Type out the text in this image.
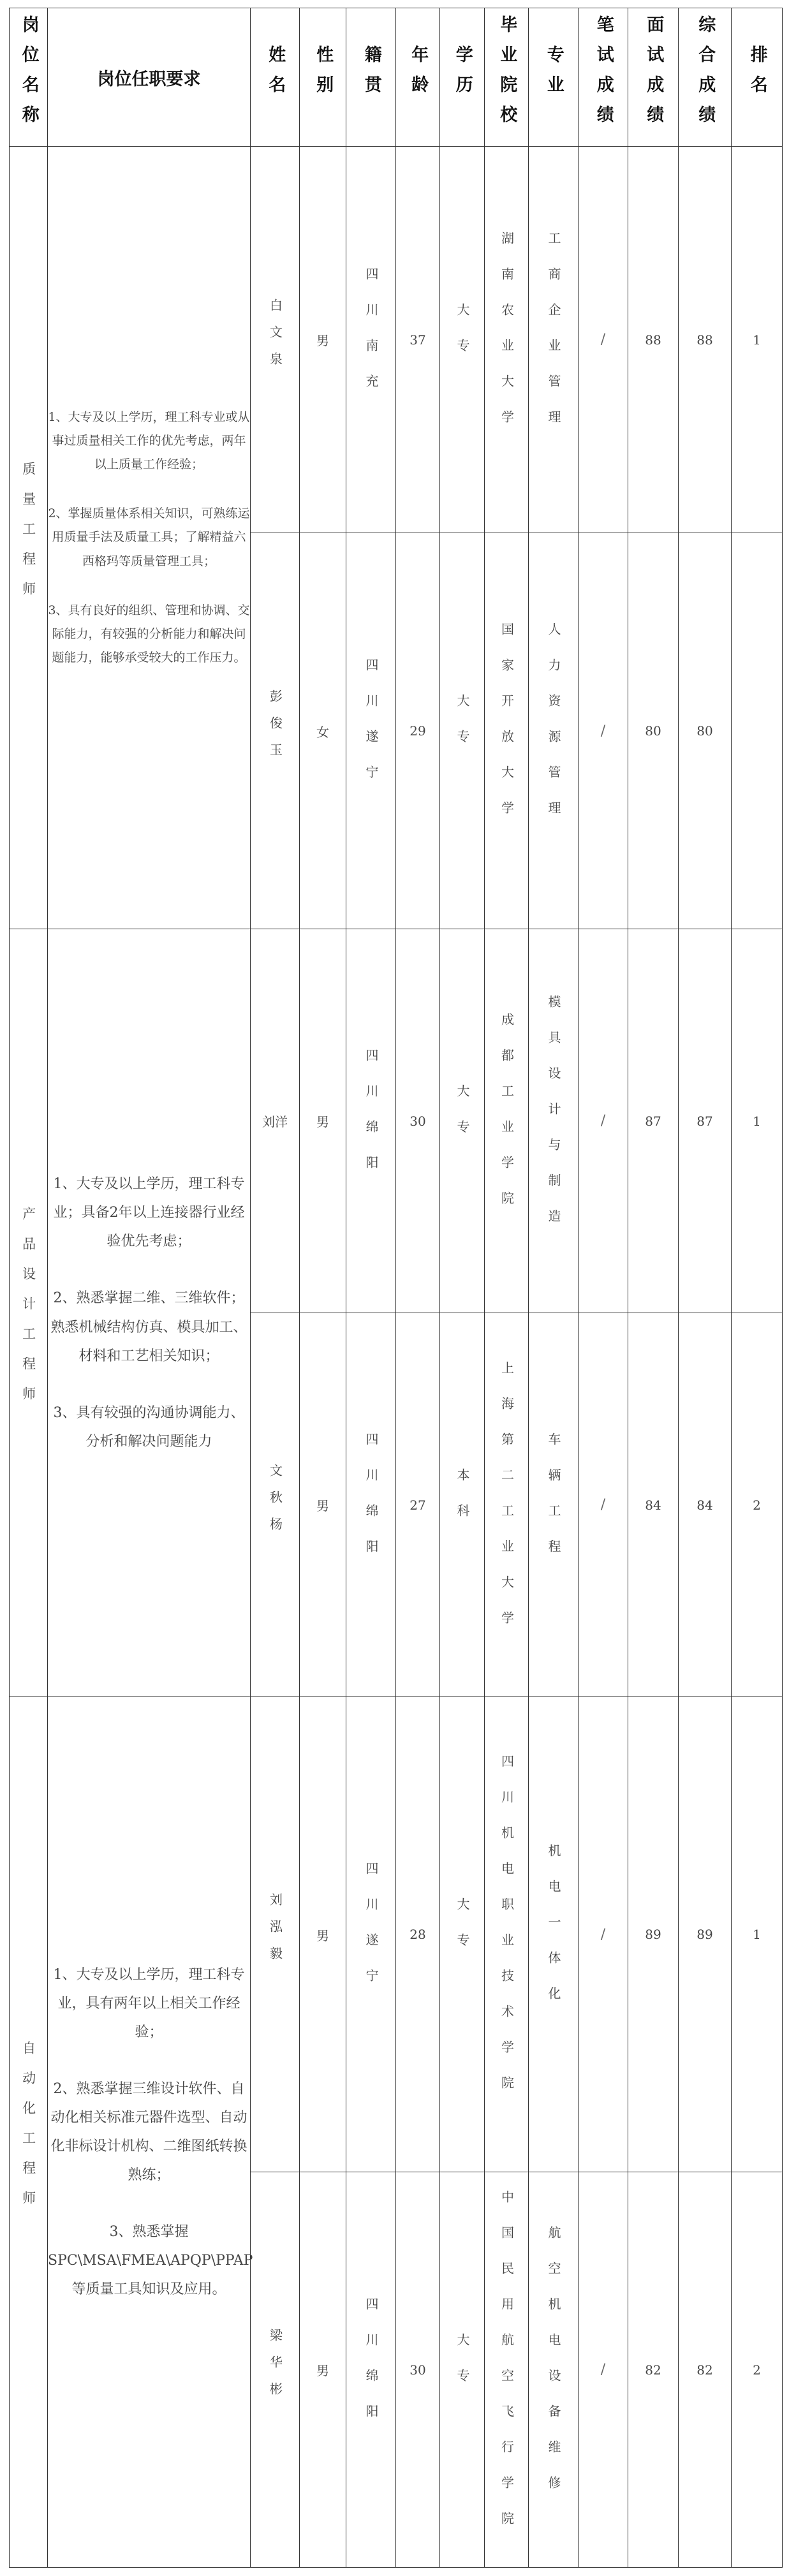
岗位名称	岗位任职要求	姓名	性别	籍贯	年龄	学历	毕业院校	专业	笔试成绩	面试成绩	综合成绩	排名
质量工程师	1、大专及以上学历，理工科专业或从事过质量相关工作的优先考虑，两年以上质量工作经验；

2、掌握质量体系相关知识，可熟练运用质量手法及质量工具；了解精益六西格玛等质量管理工具；

3、具有良好的组织、管理和协调、交际能力，有较强的分析能力和解决问题能力，能够承受较大的工作压力。	白文泉	男	四川南充	37	大专	湖南农业大学	工商企业管理	/	88	88	1
		彭俊玉	女	四川遂宁	29	大专	国家开放大学	人力资源管理	/	80	80	
产品设计工程师	1、大专及以上学历，理工科专业；具备2年以上连接器行业经验优先考虑；

2、熟悉掌握二维、三维软件；熟悉机械结构仿真、模具加工、材料和工艺相关知识；

3、具有较强的沟通协调能力、分析和解决问题能力	刘洋	男	四川绵阳	30	大专	成都工业学院	模具设计与制造	/	87	87	1
		文秋杨	男	四川绵阳	27	本科	上海第二工业大学	车辆工程	/	84	84	2
自动化工程师	1、大专及以上学历，理工科专业，具有两年以上相关工作经验；

2、熟悉掌握三维设计软件、自动化相关标准元器件选型、自动化非标设计机构、二维图纸转换熟练；

3、熟悉掌握SPC\MSA\FMEA\APQP\PPAP等质量工具知识及应用。	刘泓毅	男	四川遂宁	28	大专	四川机电职业技术学院	机电一体化	/	89	89	1
		梁华彬	男	四川绵阳	30	大专	中国民用航空飞行学院	航空机电设备维修	/	82	82	2
